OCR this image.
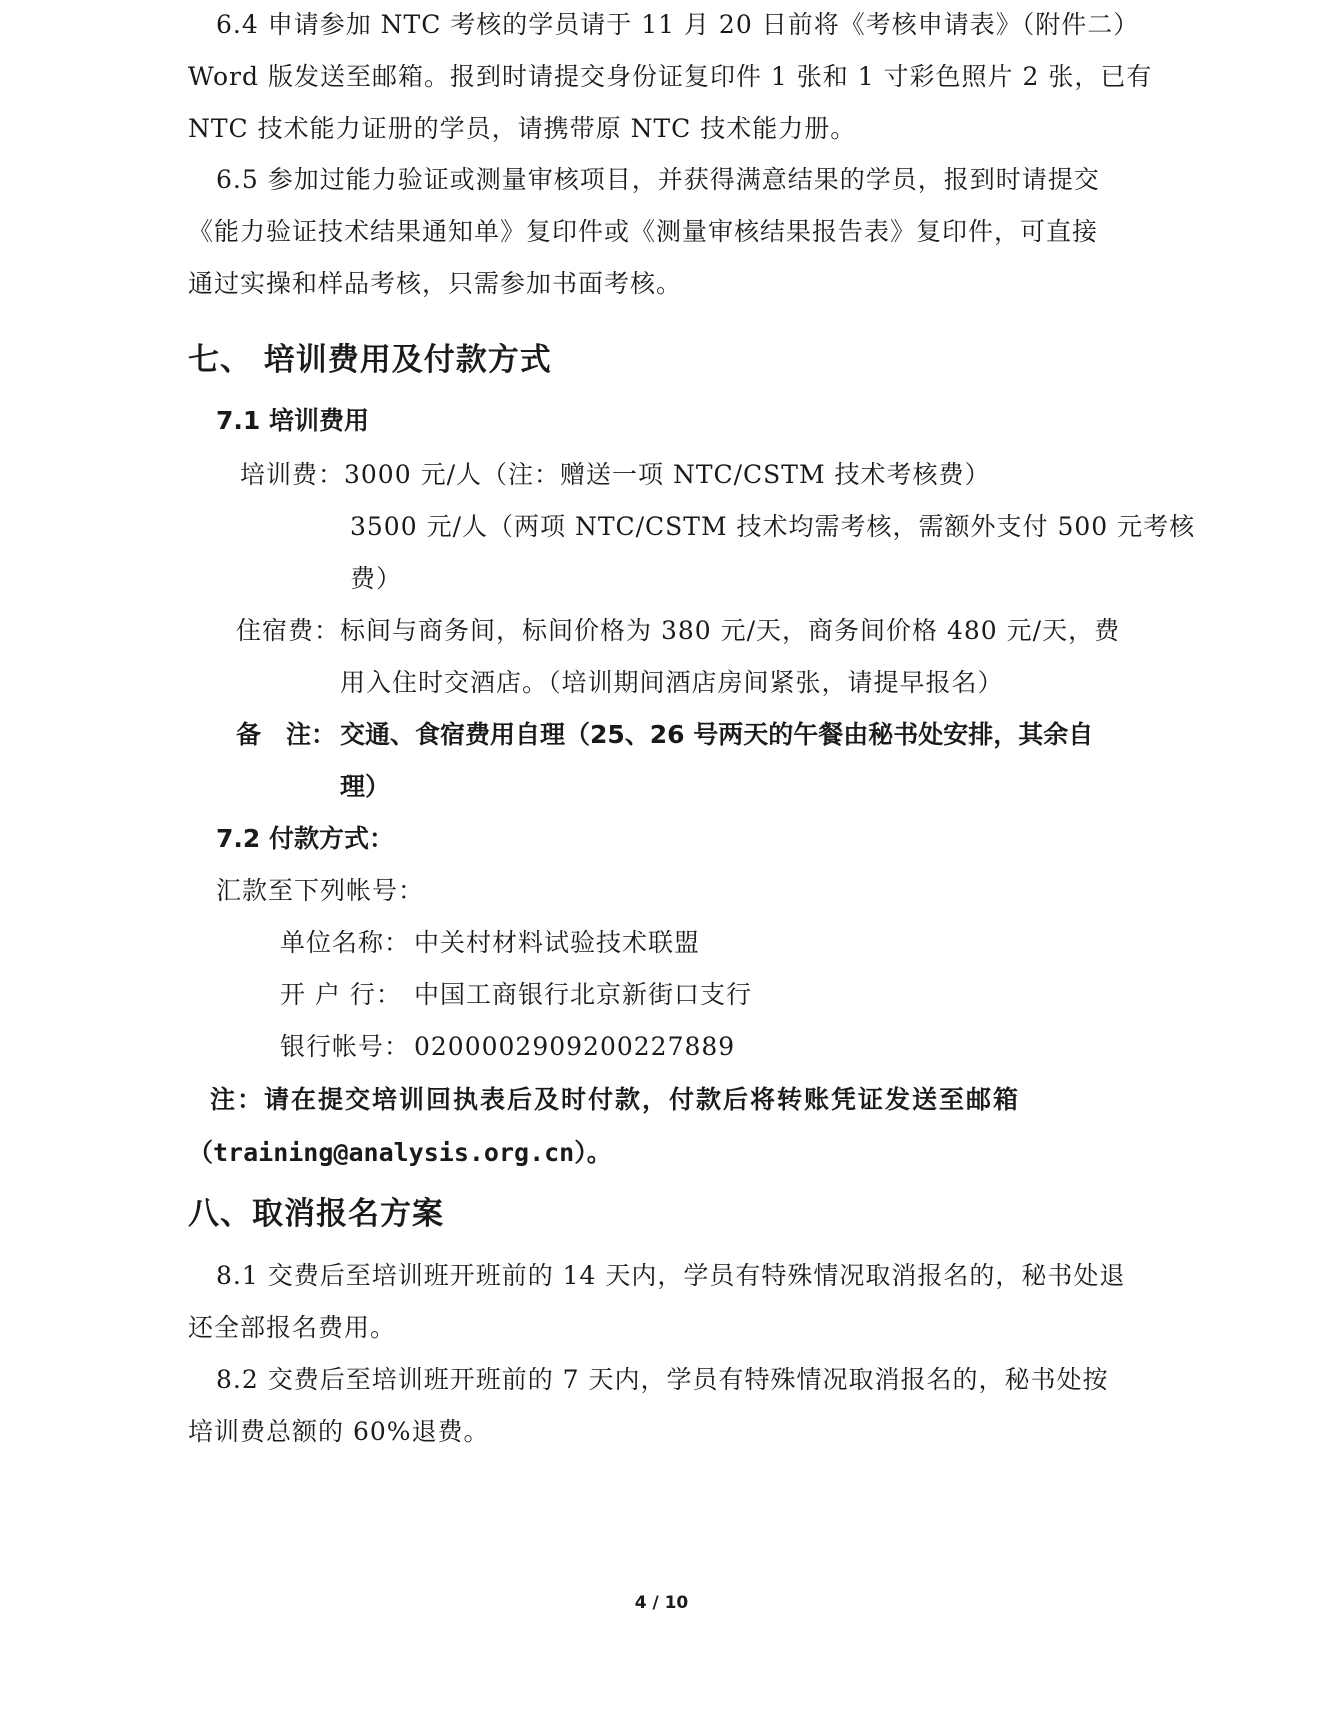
6.4 申请参加 NTC 考核的学员请于 11 月 20 日前将《考核申请表》（附件二）

Word 版发送至邮箱。报到时请提交身份证复印件 1 张和 1 寸彩色照片 2 张，已有

NTC 技术能力证册的学员，请携带原 NTC 技术能力册。

6.5 参加过能力验证或测量审核项目，并获得满意结果的学员，报到时请提交

《能力验证技术结果通知单》复印件或《测量审核结果报告表》复印件，可直接

通过实操和样品考核，只需参加书面考核。

七、 培训费用及付款方式
7.1 培训费用

培训费： 3000 元/人（注：赠送一项 NTC/CSTM 技术考核费）

3500 元/人（两项 NTC/CSTM 技术均需考核，需额外支付 500 元考核

费）

住宿费： 标间与商务间，标间价格为 380 元/天，商务间价格 480 元/天，费

用入住时交酒店。（培训期间酒店房间紧张，请提早报名）

备　注： 交通、食宿费用自理（25、26 号两天的午餐由秘书处安排，其余自

理）

7.2 付款方式：

汇款至下列帐号：

单位名称： 中关村材料试验技术联盟

开 户 行： 中国工商银行北京新街口支行

银行帐号： 0200002909200227889

注：请在提交培训回执表后及时付款，付款后将转账凭证发送至邮箱

（training@analysis.org.cn）。

八、取消报名方案

8.1 交费后至培训班开班前的 14 天内，学员有特殊情况取消报名的，秘书处退

还全部报名费用。

8.2 交费后至培训班开班前的 7 天内，学员有特殊情况取消报名的，秘书处按

培训费总额的 60%退费。

4 / 10
